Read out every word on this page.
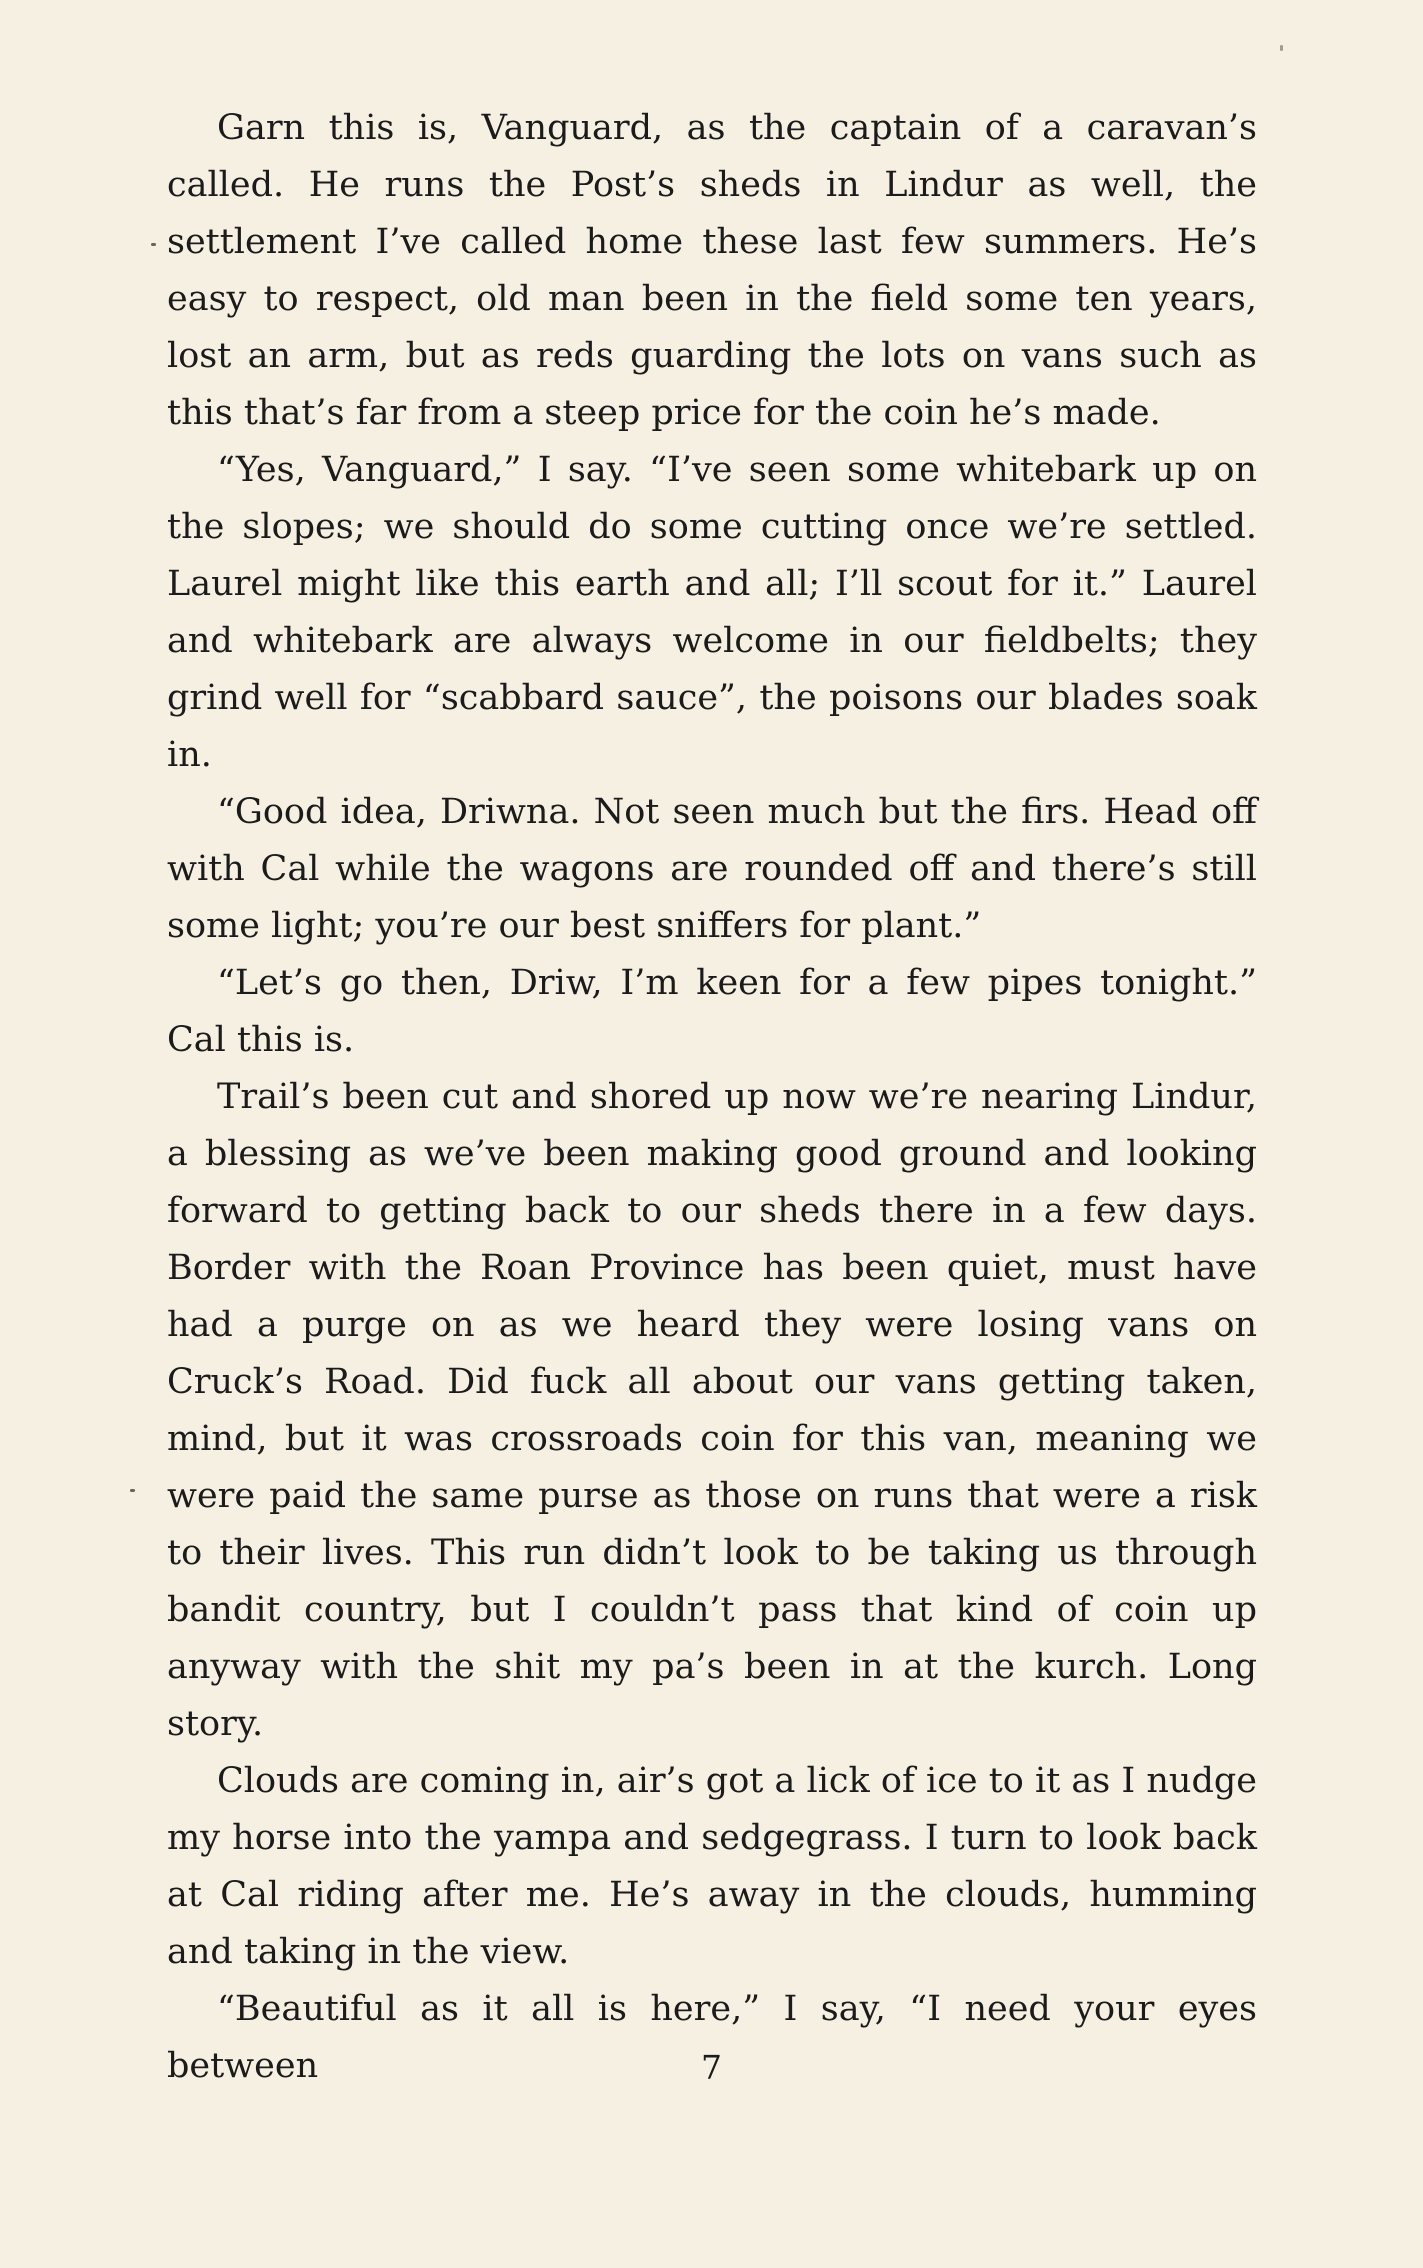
Garn this is, Vanguard, as the captain of a caravan’s called. He runs the Post’s sheds in Lindur as well, the settlement I’ve called home these last few summers. He’s easy to respect, old man been in the field some ten years, lost an arm, but as reds guarding the lots on vans such as this that’s far from a steep price for the coin he’s made.

“Yes, Vanguard,” I say. “I’ve seen some whitebark up on the slopes; we should do some cutting once we’re settled. Laurel might like this earth and all; I’ll scout for it.” Laurel and whitebark are always welcome in our fieldbelts; they grind well for “scabbard sauce”, the poisons our blades soak in.

“Good idea, Driwna. Not seen much but the firs. Head off with Cal while the wagons are rounded off and there’s still some light; you’re our best sniffers for plant.”

“Let’s go then, Driw, I’m keen for a few pipes tonight.” Cal this is.

Trail’s been cut and shored up now we’re nearing Lindur, a blessing as we’ve been making good ground and looking forward to getting back to our sheds there in a few days. Border with the Roan Province has been quiet, must have had a purge on as we heard they were losing vans on Cruck’s Road. Did fuck all about our vans getting taken, mind, but it was crossroads coin for this van, meaning we were paid the same purse as those on runs that were a risk to their lives. This run didn’t look to be taking us through bandit country, but I couldn’t pass that kind of coin up anyway with the shit my pa’s been in at the kurch. Long story.

Clouds are coming in, air’s got a lick of ice to it as I nudge my horse into the yampa and sedgegrass. I turn to look back at Cal riding after me. He’s away in the clouds, humming and taking in the view.

“Beautiful as it all is here,” I say, “I need your eyes between	7
